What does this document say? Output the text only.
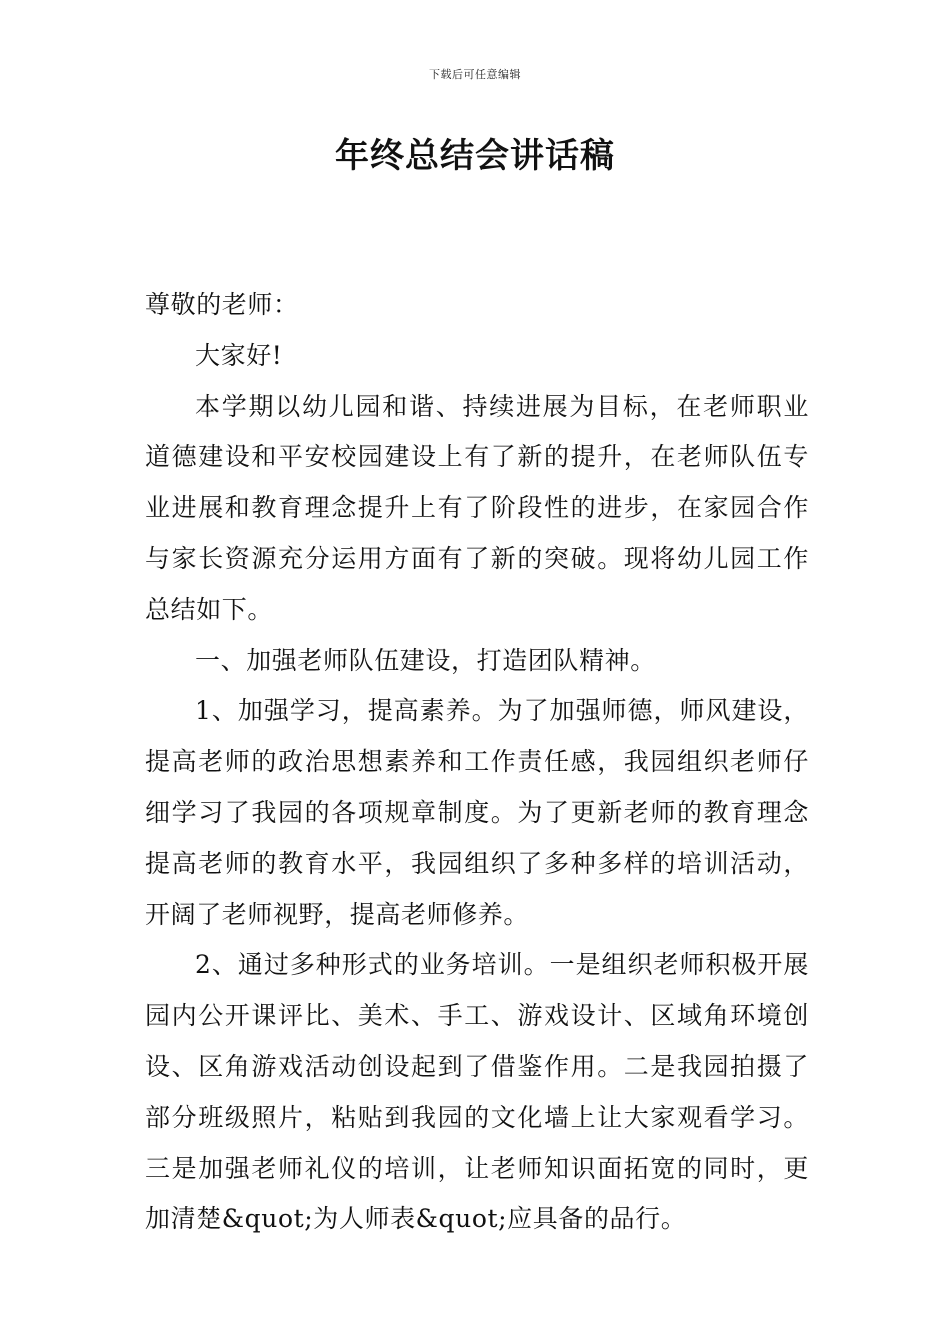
下载后可任意编辑
年终总结会讲话稿

尊敬的老师：

大家好!

本学期以幼儿园和谐、持续进展为目标，在老师职业道德建设和平安校园建设上有了新的提升，在老师队伍专业进展和教育理念提升上有了阶段性的进步，在家园合作与家长资源充分运用方面有了新的突破。现将幼儿园工作总结如下。

一、加强老师队伍建设，打造团队精神。

1、加强学习，提高素养。为了加强师德，师风建设，提高老师的政治思想素养和工作责任感，我园组织老师仔细学习了我园的各项规章制度。为了更新老师的教育理念提高老师的教育水平，我园组织了多种多样的培训活动，开阔了老师视野，提高老师修养。

2、通过多种形式的业务培训。一是组织老师积极开展园内公开课评比、美术、手工、游戏设计、区域角环境创设、区角游戏活动创设起到了借鉴作用。二是我园拍摄了部分班级照片，粘贴到我园的文化墙上让大家观看学习。三是加强老师礼仪的培训，让老师知识面拓宽的同时，更加清楚&quot;为人师表&quot;应具备的品行。
